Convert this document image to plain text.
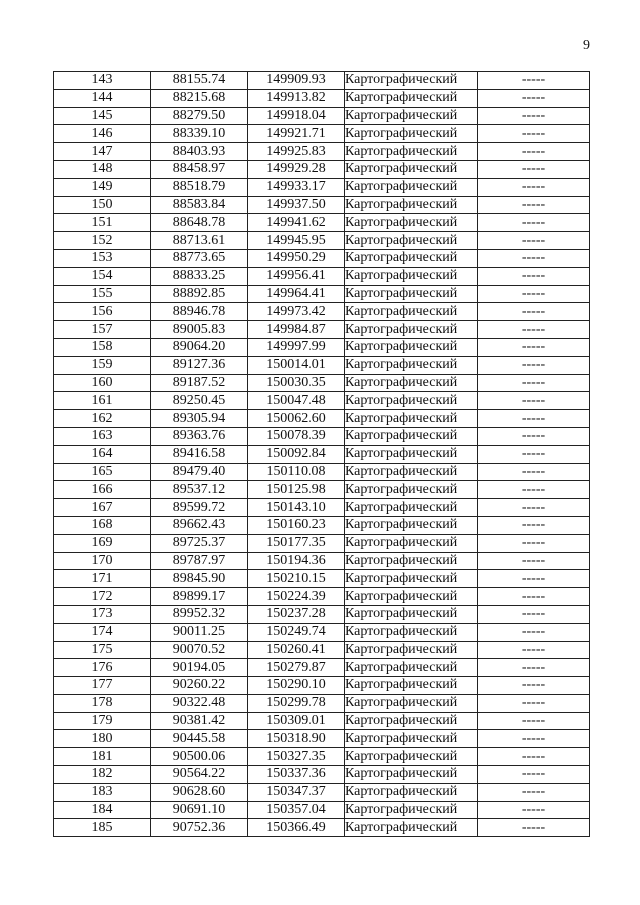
9
143	88155.74	149909.93	Картографический	-----
144	88215.68	149913.82	Картографический	-----
145	88279.50	149918.04	Картографический	-----
146	88339.10	149921.71	Картографический	-----
147	88403.93	149925.83	Картографический	-----
148	88458.97	149929.28	Картографический	-----
149	88518.79	149933.17	Картографический	-----
150	88583.84	149937.50	Картографический	-----
151	88648.78	149941.62	Картографический	-----
152	88713.61	149945.95	Картографический	-----
153	88773.65	149950.29	Картографический	-----
154	88833.25	149956.41	Картографический	-----
155	88892.85	149964.41	Картографический	-----
156	88946.78	149973.42	Картографический	-----
157	89005.83	149984.87	Картографический	-----
158	89064.20	149997.99	Картографический	-----
159	89127.36	150014.01	Картографический	-----
160	89187.52	150030.35	Картографический	-----
161	89250.45	150047.48	Картографический	-----
162	89305.94	150062.60	Картографический	-----
163	89363.76	150078.39	Картографический	-----
164	89416.58	150092.84	Картографический	-----
165	89479.40	150110.08	Картографический	-----
166	89537.12	150125.98	Картографический	-----
167	89599.72	150143.10	Картографический	-----
168	89662.43	150160.23	Картографический	-----
169	89725.37	150177.35	Картографический	-----
170	89787.97	150194.36	Картографический	-----
171	89845.90	150210.15	Картографический	-----
172	89899.17	150224.39	Картографический	-----
173	89952.32	150237.28	Картографический	-----
174	90011.25	150249.74	Картографический	-----
175	90070.52	150260.41	Картографический	-----
176	90194.05	150279.87	Картографический	-----
177	90260.22	150290.10	Картографический	-----
178	90322.48	150299.78	Картографический	-----
179	90381.42	150309.01	Картографический	-----
180	90445.58	150318.90	Картографический	-----
181	90500.06	150327.35	Картографический	-----
182	90564.22	150337.36	Картографический	-----
183	90628.60	150347.37	Картографический	-----
184	90691.10	150357.04	Картографический	-----
185	90752.36	150366.49	Картографический	-----
